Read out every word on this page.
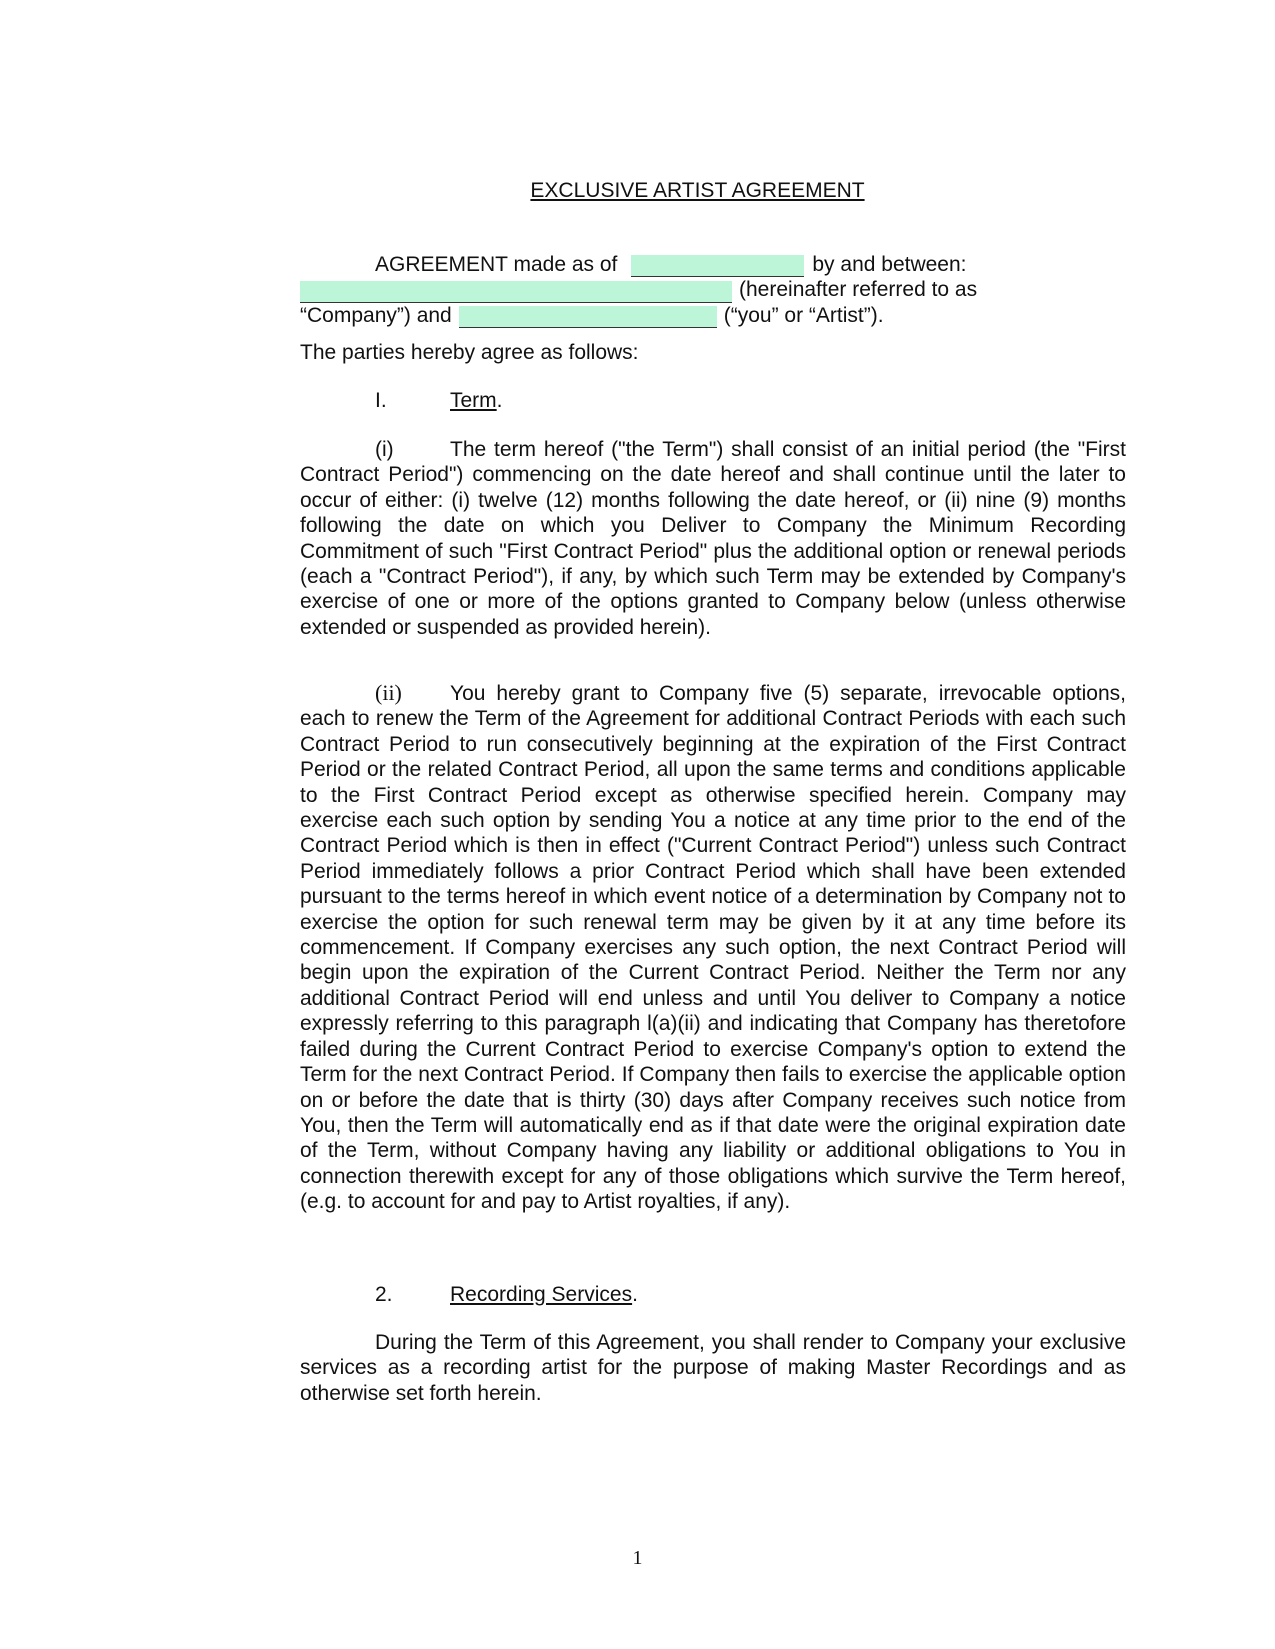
EXCLUSIVE ARTIST AGREEMENT
AGREEMENT made as of	by and between:
(hereinafter referred to as
“Company”) and	(“you” or “Artist”).
The parties hereby agree as follows:
I.	Term.
(i)	The term hereof ("the Term") shall consist of an initial period (the "First Contract Period") commencing on the date hereof and shall continue until the later to occur of either: (i) twelve (12) months following the date hereof, or (ii) nine (9) months following the date on which you Deliver to Company the Minimum Recording Commitment of such "First Contract Period" plus the additional option or renewal periods (each a "Contract Period"), if any, by which such Term may be extended by Company's exercise of one or more of the options granted to Company below (unless otherwise extended or suspended as provided herein).
(ii) You hereby grant to Company five (5) separate, irrevocable options, each to renew the Term of the Agreement for additional Contract Periods with each such Contract Period to run consecutively beginning at the expiration of the First Contract Period or the related Contract Period, all upon the same terms and conditions applicable to the First Contract Period except as otherwise specified herein. Company may exercise each such option by sending You a notice at any time prior to the end of the Contract Period which is then in effect ("Current Contract Period") unless such Contract Period immediately follows a prior Contract Period which shall have been extended pursuant to the terms hereof in which event notice of a determination by Company not to exercise the option for such renewal term may be given by it at any time before its commencement. If Company exercises any such option, the next Contract Period will begin upon the expiration of the Current Contract Period. Neither the Term nor any additional Contract Period will end unless and until You deliver to Company a notice expressly referring to this paragraph l(a)(ii) and indicating that Company has theretofore failed during the Current Contract Period to exercise Company's option to extend the Term for the next Contract Period. If Company then fails to exercise the applicable option on or before the date that is thirty (30) days after Company receives such notice from You, then the Term will automatically end as if that date were the original expiration date of the Term, without Company having any liability or additional obligations to You in connection therewith except for any of those obligations which survive the Term hereof, (e.g. to account for and pay to Artist royalties, if any).
2.	Recording Services.
During the Term of this Agreement, you shall render to Company your exclusive services as a recording artist for the purpose of making Master Recordings and as otherwise set forth herein.
1
